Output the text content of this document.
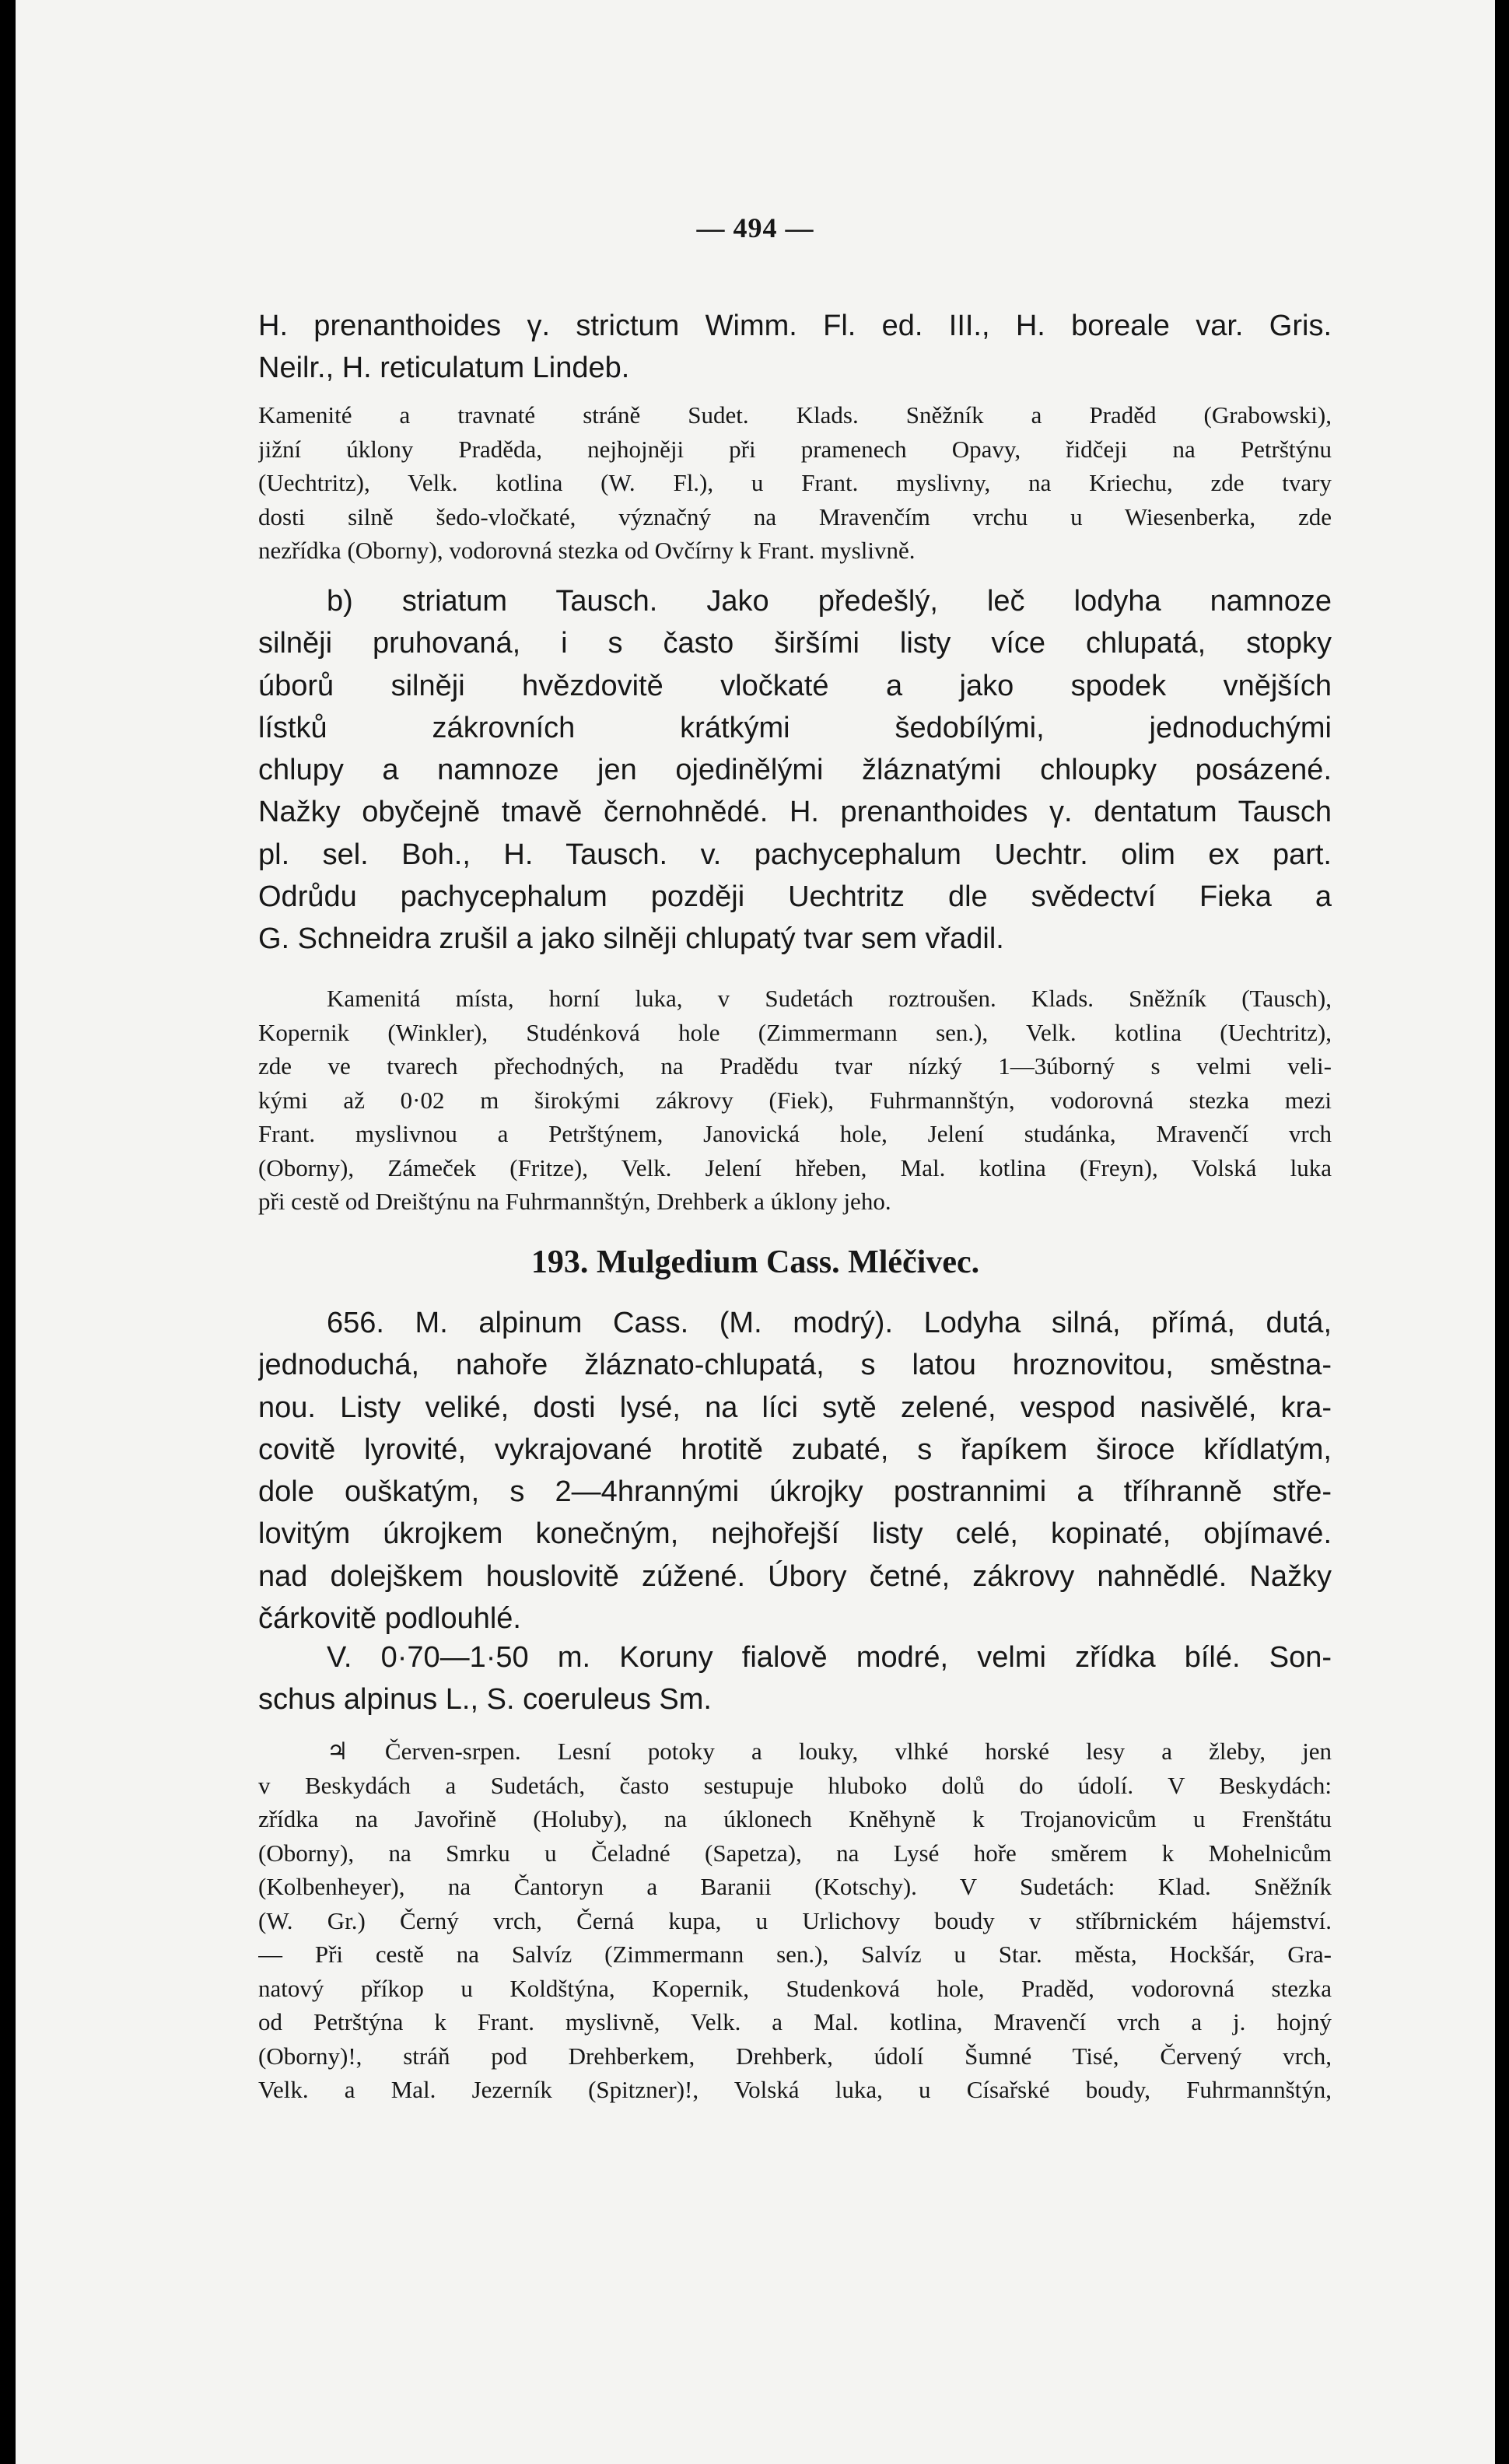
— 494 —
H. prenanthoides γ. strictum Wimm. Fl. ed. III., H. boreale var. Gris.
Neilr., H. reticulatum Lindeb.
Kamenité a travnaté stráně Sudet. Klads. Sněžník a Praděd (Grabowski),
jižní úklony Praděda, nejhojněji při pramenech Opavy, řidčeji na Petrštýnu
(Uechtritz), Velk. kotlina (W. Fl.), u Frant. myslivny, na Kriechu, zde tvary
dosti silně šedo-vločkaté, význačný na Mravenčím vrchu u Wiesenberka, zde
nezřídka (Oborny), vodorovná stezka od Ovčírny k Frant. myslivně.
b) striatum Tausch. Jako předešlý, leč lodyha namnoze
silněji pruhovaná, i s často širšími listy více chlupatá, stopky
úborů silněji hvězdovitě vločkaté a jako spodek vnějších
lístků zákrovních krátkými šedobílými, jednoduchými
chlupy a namnoze jen ojedinělými žláznatými chloupky posázené.
Nažky obyčejně tmavě černohnědé. H. prenanthoides γ. dentatum Tausch
pl. sel. Boh., H. Tausch. v. pachycephalum Uechtr. olim ex part.
Odrůdu pachycephalum později Uechtritz dle svědectví Fieka a
G. Schneidra zrušil a jako silněji chlupatý tvar sem vřadil.
Kamenitá místa, horní luka, v Sudetách roztroušen. Klads. Sněžník (Tausch),
Kopernik (Winkler), Studénková hole (Zimmermann sen.), Velk. kotlina (Uechtritz),
zde ve tvarech přechodných, na Pradědu tvar nízký 1—3úborný s velmi veli-
kými až 0·02 m širokými zákrovy (Fiek), Fuhrmannštýn, vodorovná stezka mezi
Frant. myslivnou a Petrštýnem, Janovická hole, Jelení studánka, Mravenčí vrch
(Oborny), Zámeček (Fritze), Velk. Jelení hřeben, Mal. kotlina (Freyn), Volská luka
při cestě od Dreištýnu na Fuhrmannštýn, Drehberk a úklony jeho.
193. Mulgedium Cass. Mléčivec.
656. M. alpinum Cass. (M. modrý). Lodyha silná, přímá, dutá,
jednoduchá, nahoře žláznato-chlupatá, s latou hroznovitou, směstna-
nou. Listy veliké, dosti lysé, na líci sytě zelené, vespod nasivělé, kra-
covitě lyrovité, vykrajované hrotitě zubaté, s řapíkem široce křídlatým,
dole ouškatým, s 2—4hrannými úkrojky postrannimi a tříhranně stře-
lovitým úkrojkem konečným, nejhořejší listy celé, kopinaté, objímavé.
nad dolejškem houslovitě zúžené. Úbory četné, zákrovy nahnědlé. Nažky
čárkovitě podlouhlé.
V. 0·70—1·50 m. Koruny fialově modré, velmi zřídka bílé. Son-
schus alpinus L., S. coeruleus Sm.
♃ Červen-srpen. Lesní potoky a louky, vlhké horské lesy a žleby, jen
v Beskydách a Sudetách, často sestupuje hluboko dolů do údolí. V Beskydách:
zřídka na Javořině (Holuby), na úklonech Kněhyně k Trojanovicům u Frenštátu
(Oborny), na Smrku u Čeladné (Sapetza), na Lysé hoře směrem k Mohelnicům
(Kolbenheyer), na Čantoryn a Baranii (Kotschy). V Sudetách: Klad. Sněžník
(W. Gr.) Černý vrch, Černá kupa, u Urlichovy boudy v stříbrnickém hájemství.
— Při cestě na Salvíz (Zimmermann sen.), Salvíz u Star. města, Hockšár, Gra-
natový příkop u Koldštýna, Kopernik, Studenková hole, Praděd, vodorovná stezka
od Petrštýna k Frant. myslivně, Velk. a Mal. kotlina, Mravenčí vrch a j. hojný
(Oborny)!, stráň pod Drehberkem, Drehberk, údolí Šumné Tisé, Červený vrch,
Velk. a Mal. Jezerník (Spitzner)!, Volská luka, u Císařské boudy, Fuhrmannštýn,
